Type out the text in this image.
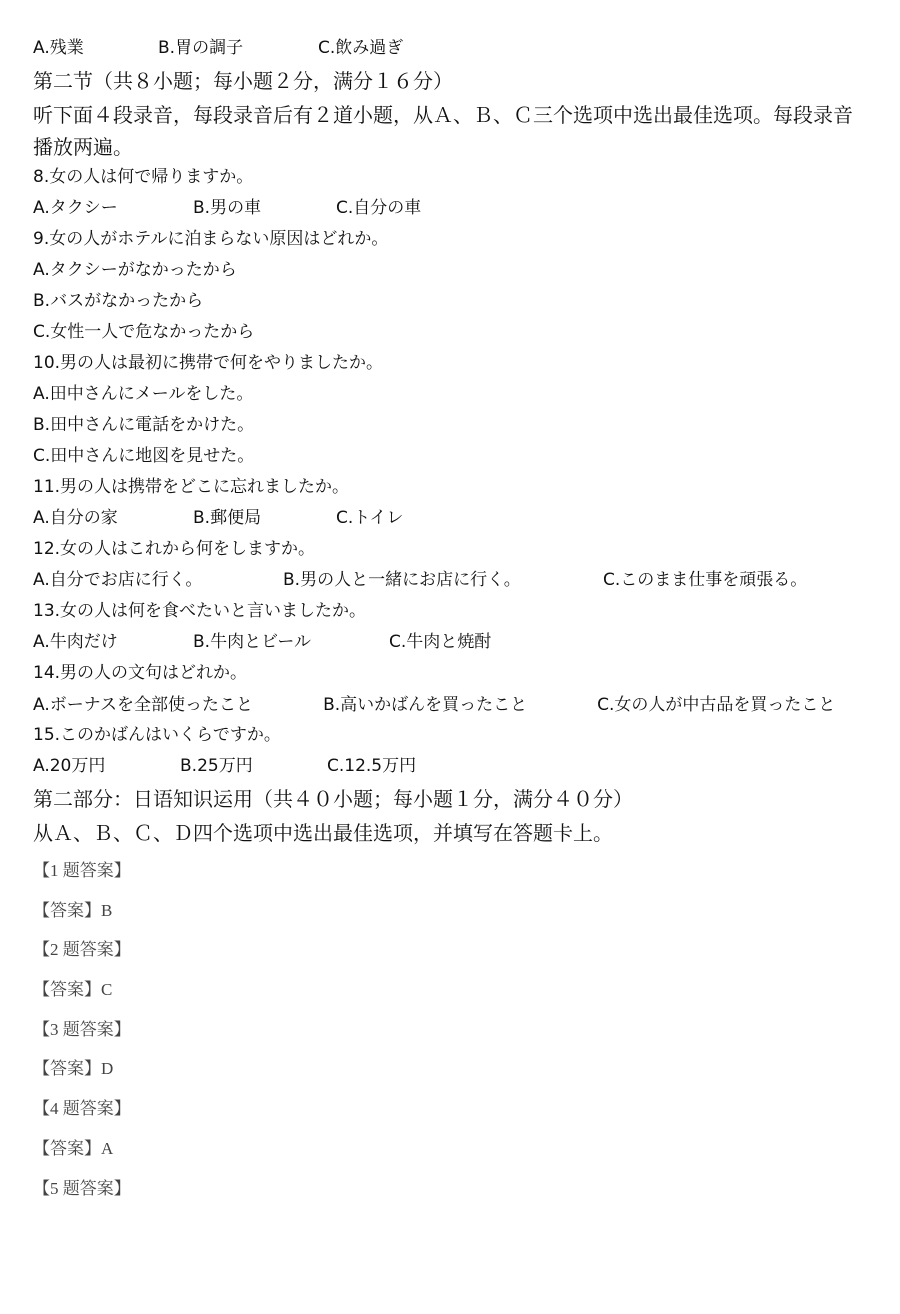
A.残業	B.胃の調子	C.飲み過ぎ
第二节（共８小题；每小题２分，满分１６分）
听下面４段录音，每段录音后有２道小题，从Ａ、Ｂ、Ｃ三个选项中选出最佳选项。每段录音播放两遍。
8.女の人は何で帰りますか。
A.タクシー	B.男の車	C.自分の車
9.女の人がホテルに泊まらない原因はどれか。
A.タクシーがなかったから
B.バスがなかったから
C.女性一人で危なかったから
10.男の人は最初に携帯で何をやりましたか。
A.田中さんにメールをした。
B.田中さんに電話をかけた。
C.田中さんに地図を見せた。
11.男の人は携帯をどこに忘れましたか。
A.自分の家	B.郵便局	C.トイレ
12.女の人はこれから何をしますか。
A.自分でお店に行く。	B.男の人と一緒にお店に行く。	C.このまま仕事を頑張る。
13.女の人は何を食べたいと言いましたか。
A.牛肉だけ	B.牛肉とビール	C.牛肉と焼酎
14.男の人の文句はどれか。
A.ボーナスを全部使ったこと	B.高いかばんを買ったこと	C.女の人が中古品を買ったこと
15.このかばんはいくらですか。
A.20万円	B.25万円	C.12.5万円
第二部分：日语知识运用（共４０小题；每小题１分，满分４０分）
从Ａ、Ｂ、Ｃ、Ｄ四个选项中选出最佳选项，并填写在答题卡上。
【1 题答案】
【答案】B
【2 题答案】
【答案】C
【3 题答案】
【答案】D
【4 题答案】
【答案】A
【5 题答案】
